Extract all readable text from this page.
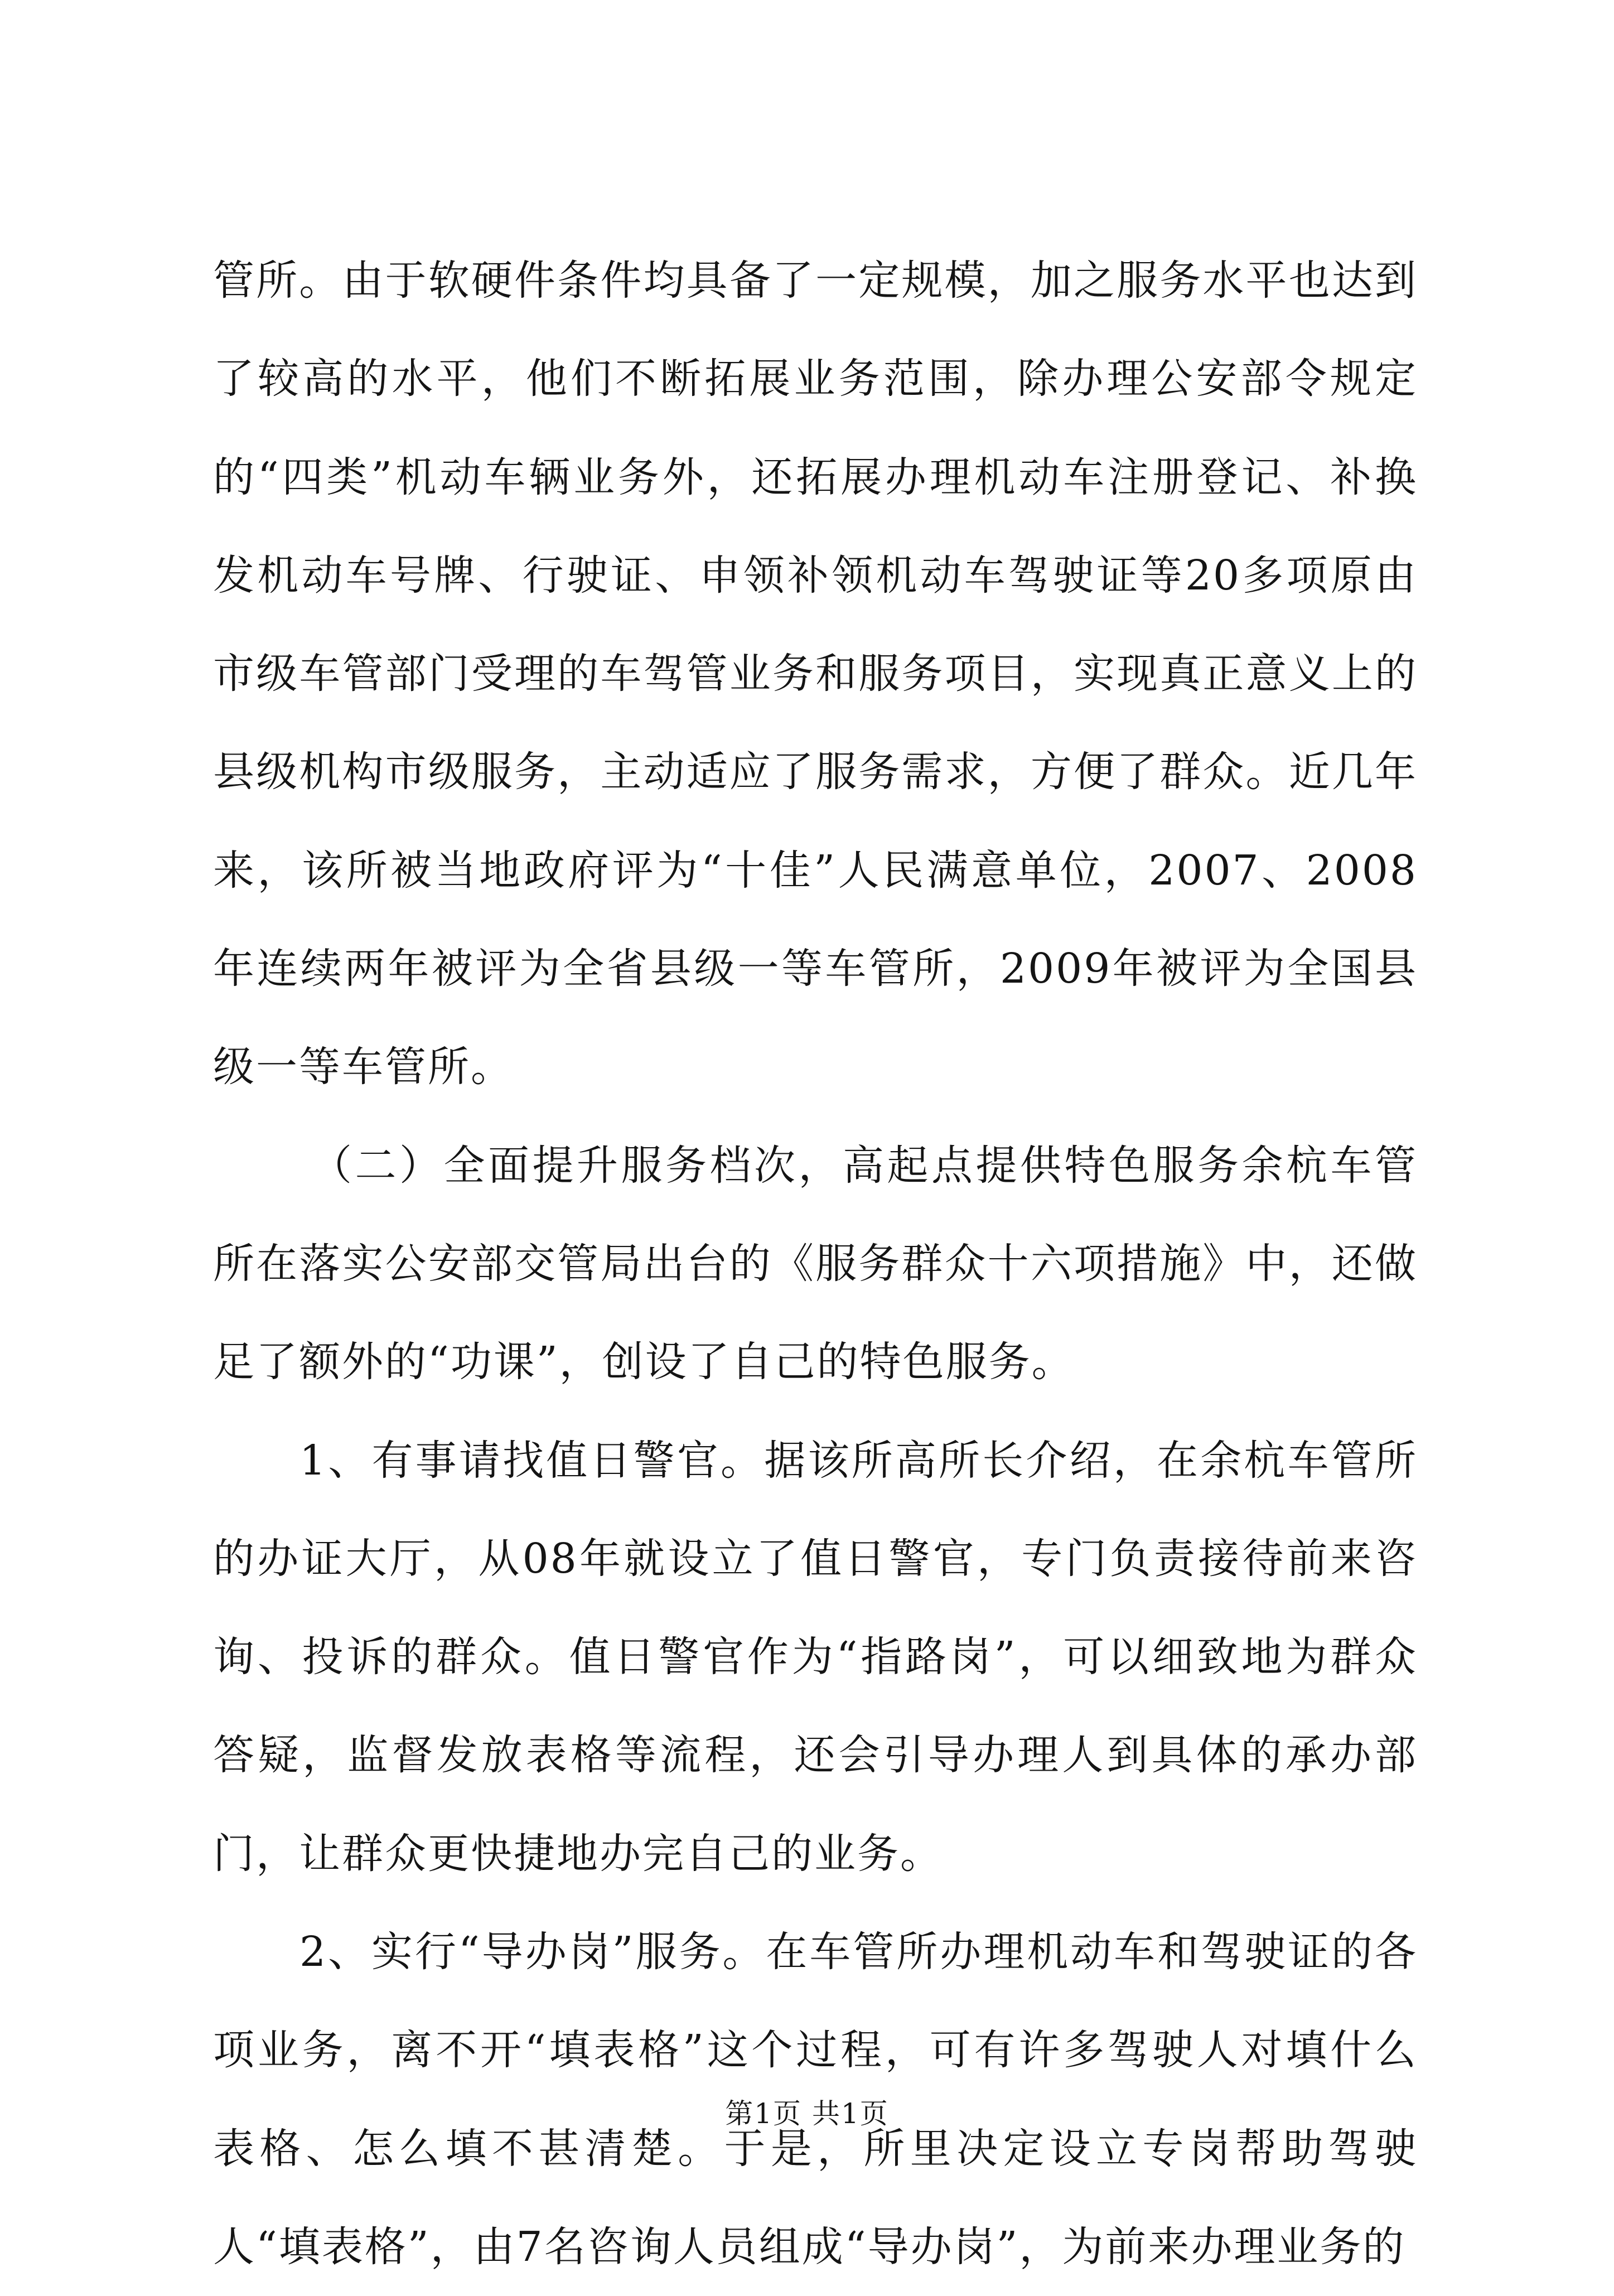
管所。由于软硬件条件均具备了一定规模，加之服务水平也达到了较高的水平，他们不断拓展业务范围，除办理公安部令规定的“四类”机动车辆业务外，还拓展办理机动车注册登记、补换发机动车号牌、行驶证、申领补领机动车驾驶证等20多项原由市级车管部门受理的车驾管业务和服务项目，实现真正意义上的县级机构市级服务，主动适应了服务需求，方便了群众。近几年来，该所被当地政府评为“十佳”人民满意单位，2007、2008年连续两年被评为全省县级一等车管所，2009年被评为全国县级一等车管所。

（二）全面提升服务档次，高起点提供特色服务余杭车管所在落实公安部交管局出台的《服务群众十六项措施》中，还做足了额外的“功课”，创设了自己的特色服务。

1、有事请找值日警官。据该所高所长介绍，在余杭车管所的办证大厅，从08年就设立了值日警官，专门负责接待前来咨询、投诉的群众。值日警官作为“指路岗”，可以细致地为群众答疑，监督发放表格等流程，还会引导办理人到具体的承办部门，让群众更快捷地办完自己的业务。

2、实行“导办岗”服务。在车管所办理机动车和驾驶证的各项业务，离不开“填表格”这个过程，可有许多驾驶人对填什么表格、怎么填不甚清楚。于是，所里决定设立专岗帮助驾驶人“填表格”，由7名咨询人员组成“导办岗”，为前来办理业务的

第1页 共1页
